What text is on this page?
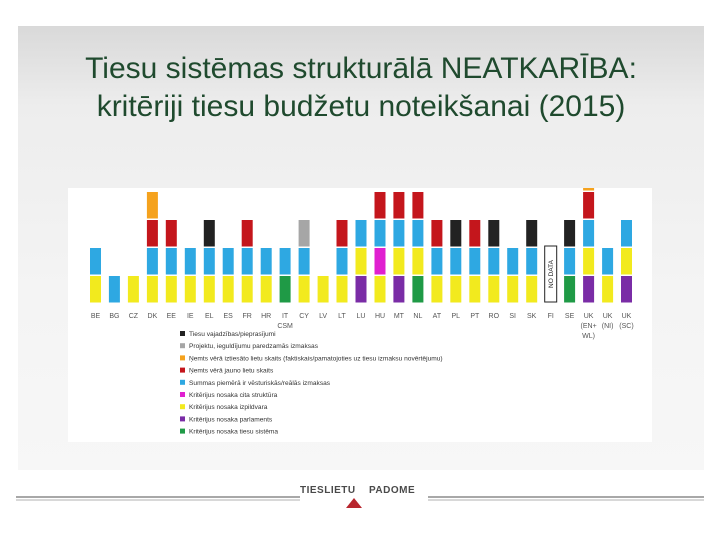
Tiesu sistēmas strukturālā NEATKARĪBA:
kritēriji tiesu budžetu noteikšanai (2015)
BE BG CZ DK EE IE EL ES FR HR IT
CSM
CY LV LT LU HU MT NL AT PL PT RO SI SK FI
NO DATA
SE UK
(EN+
WL)
UK
(NI)
UK
(SC)
Tiesu vajadzības/pieprasījumi
Projektu, ieguldījumu paredzamās izmaksas
Ņemts vērā iztiesāto lietu skaits (faktiskais/pamatojoties uz tiesu izmaksu novērtējumu)
Ņemts vērā jauno lietu skaits
Summas piemērā ir vēsturiskās/reālās izmaksas
Kritērijus nosaka cita struktūra
Kritērijus nosaka izpildvara
Kritērijus nosaka parlaments
Kritērijus nosaka tiesu sistēma
TIESLIETU PADOME
